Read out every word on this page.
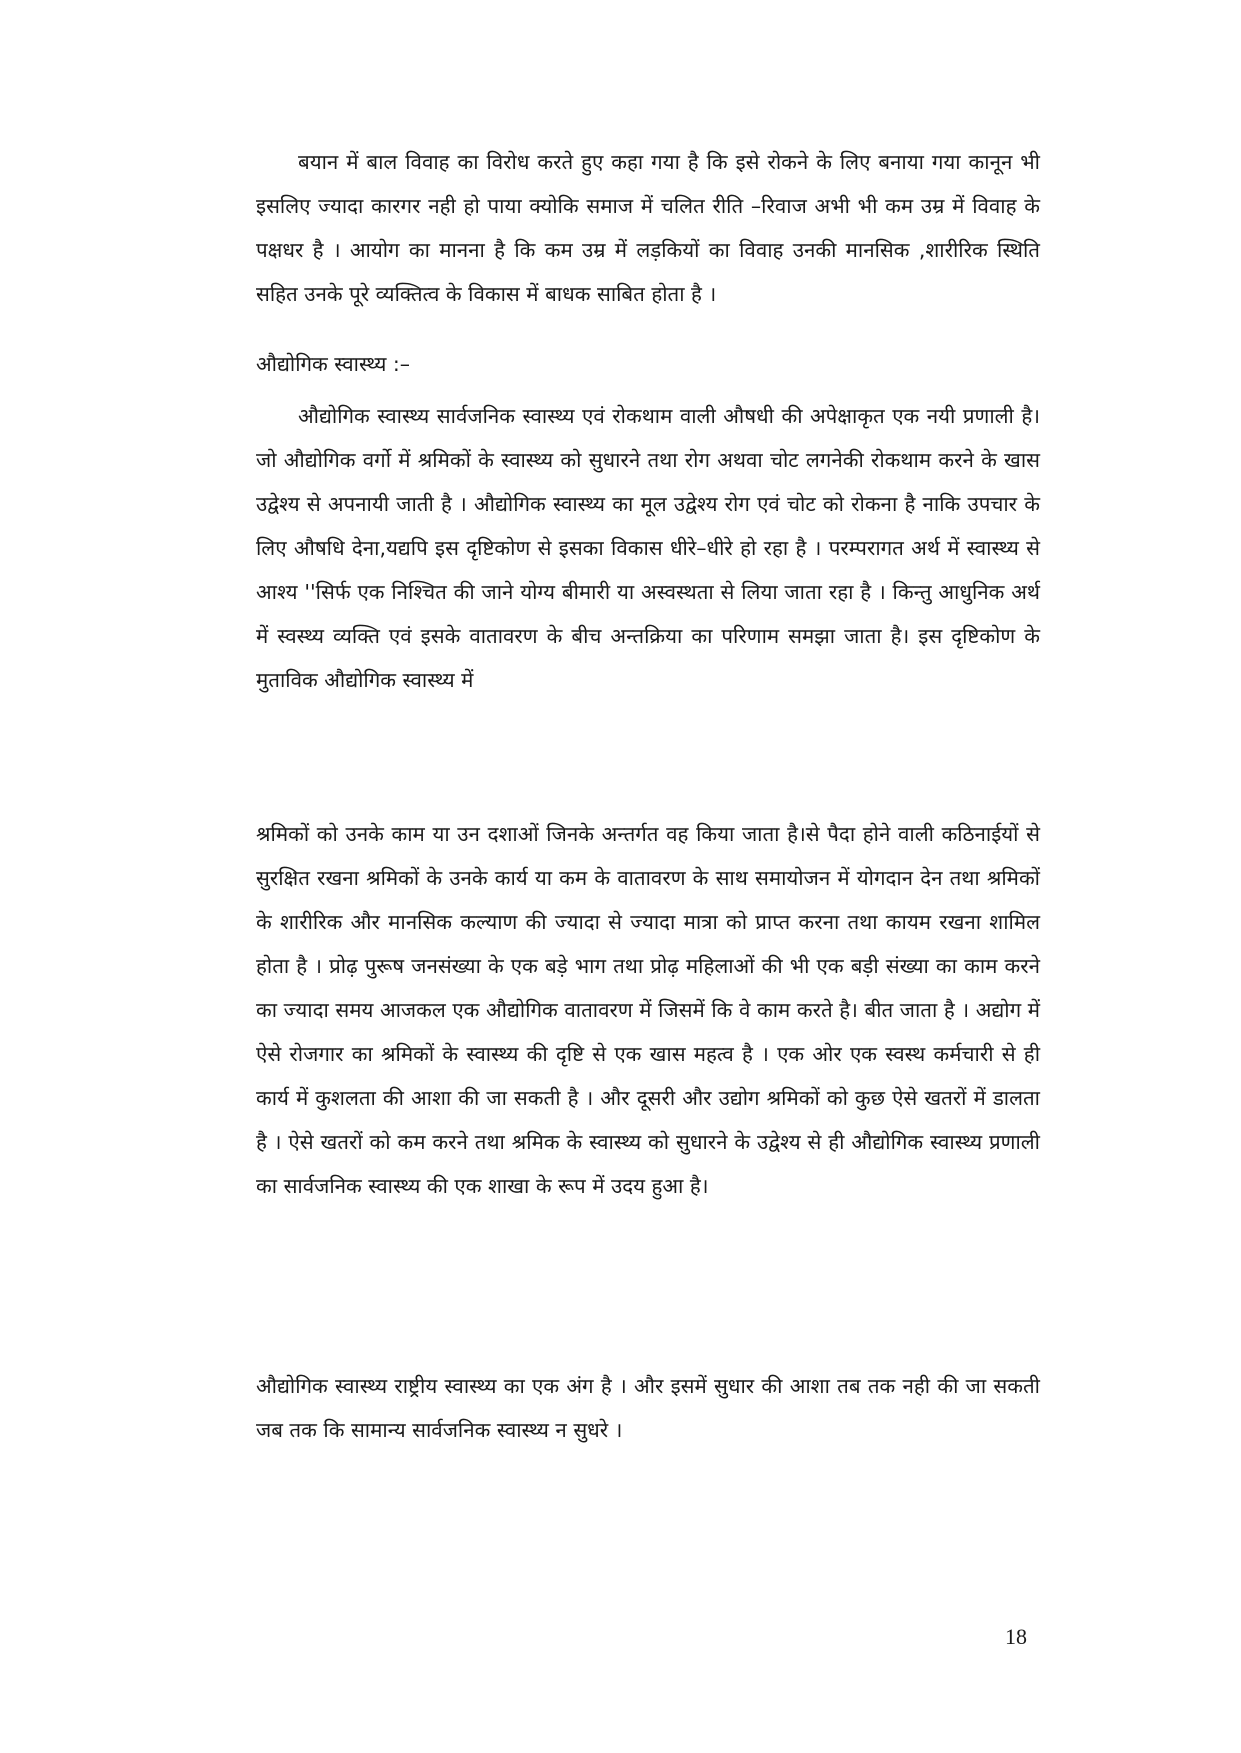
बयान में बाल विवाह का विरोध करते हुए कहा गया है कि इसे रोकने के लिए बनाया गया कानून भी इसलिए ज्यादा कारगर नही हो पाया क्योकि समाज में चलित रीति –रिवाज अभी भी कम उम्र में विवाह के पक्षधर है । आयोग का मानना है कि कम उम्र में लड़कियों का विवाह उनकी मानसिक ,शारीरिक स्थिति सहित उनके पूरे व्यक्तित्व के विकास में बाधक साबित होता है ।

औद्योगिक स्वास्थ्य :–

औद्योगिक स्वास्थ्य सार्वजनिक स्वास्थ्य एवं रोकथाम वाली औषधी की अपेक्षाकृत एक नयी प्रणाली है। जो औद्योगिक वर्गो में श्रमिकों के स्वास्थ्य को सुधारने तथा रोग अथवा चोट लगनेकी रोकथाम करने के खास उद्वेश्य से अपनायी जाती है । औद्योगिक स्वास्थ्य का मूल उद्वेश्य रोग एवं चोट को रोकना है नाकि उपचार के लिए औषधि देना,यद्यपि इस दृष्टिकोण से इसका विकास धीरे–धीरे हो रहा है । परम्परागत अर्थ में स्वास्थ्य से आश्य ''सिर्फ एक निश्चित की जाने योग्य बीमारी या अस्वस्थता से लिया जाता रहा है । किन्तु आधुनिक अर्थ में स्वस्थ्य व्यक्ति एवं इसके वातावरण के बीच अन्तक्रिया का परिणाम समझा जाता है। इस दृष्टिकोण के मुताविक औद्योगिक स्वास्थ्य में

श्रमिकों को उनके काम या उन दशाओं जिनके अन्तर्गत वह किया जाता है।से पैदा होने वाली कठिनाईयों से सुरक्षित रखना श्रमिकों के उनके कार्य या कम के वातावरण के साथ समायोजन में योगदान देन तथा श्रमिकों के शारीरिक और मानसिक कल्याण की ज्यादा से ज्यादा मात्रा को प्राप्त करना तथा कायम रखना शामिल होता है । प्रोढ़ पुरूष जनसंख्या के एक बड़े भाग तथा प्रोढ़ महिलाओं की भी एक बड़ी संख्या का काम करने का ज्यादा समय आजकल एक औद्योगिक वातावरण में जिसमें कि वे काम करते है। बीत जाता है । अद्योग में ऐसे रोजगार का श्रमिकों के स्वास्थ्य की दृष्टि से एक खास महत्व है । एक ओर एक स्वस्थ कर्मचारी से ही कार्य में कुशलता की आशा की जा सकती है । और दूसरी और उद्योग श्रमिकों को कुछ ऐसे खतरों में डालता है । ऐसे खतरों को कम करने तथा श्रमिक के स्वास्थ्य को सुधारने के उद्वेश्य से ही औद्योगिक स्वास्थ्य प्रणाली का सार्वजनिक स्वास्थ्य की एक शाखा के रूप में उदय हुआ है।

औद्योगिक स्वास्थ्य राष्ट्रीय स्वास्थ्य का एक अंग है । और इसमें सुधार की आशा तब तक नही की जा सकती जब तक कि सामान्य सार्वजनिक स्वास्थ्य न सुधरे ।

18
